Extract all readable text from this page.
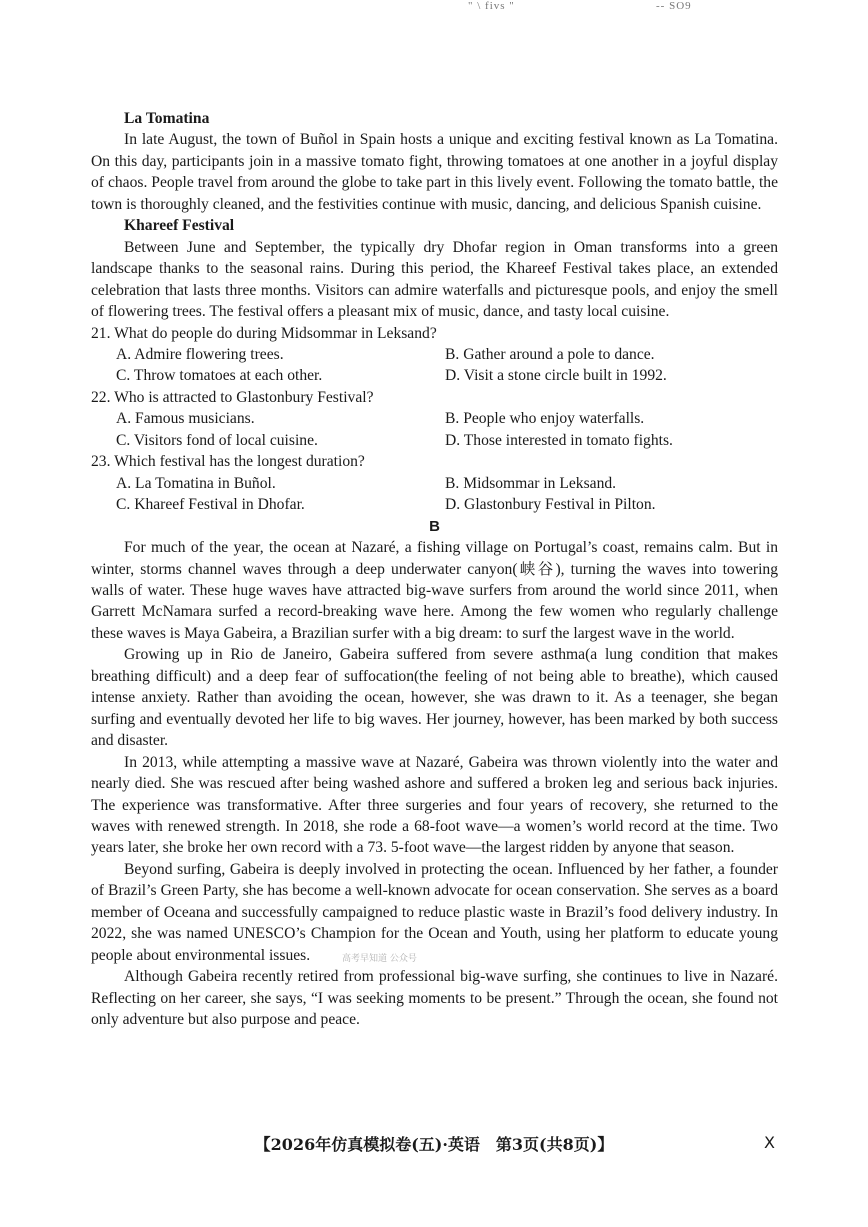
" \ fivs "	-- SO9
La Tomatina
In late August, the town of Buñol in Spain hosts a unique and exciting festival known as La Tomatina. On this day, participants join in a massive tomato fight, throwing tomatoes at one another in a joyful display of chaos. People travel from around the globe to take part in this lively event. Following the tomato battle, the town is thoroughly cleaned, and the festivities continue with music, dancing, and delicious Spanish cuisine.
Khareef Festival
Between June and September, the typically dry Dhofar region in Oman transforms into a green landscape thanks to the seasonal rains. During this period, the Khareef Festival takes place, an extended celebration that lasts three months. Visitors can admire waterfalls and picturesque pools, and enjoy the smell of flowering trees. The festival offers a pleasant mix of music, dance, and tasty local cuisine.
21. What do people do during Midsommar in Leksand?
A. Admire flowering trees.	B. Gather around a pole to dance.
C. Throw tomatoes at each other.	D. Visit a stone circle built in 1992.
22. Who is attracted to Glastonbury Festival?
A. Famous musicians.	B. People who enjoy waterfalls.
C. Visitors fond of local cuisine.	D. Those interested in tomato fights.
23. Which festival has the longest duration?
A. La Tomatina in Buñol.	B. Midsommar in Leksand.
C. Khareef Festival in Dhofar.	D. Glastonbury Festival in Pilton.
B
For much of the year, the ocean at Nazaré, a fishing village on Portugal’s coast, remains calm. But in winter, storms channel waves through a deep underwater canyon(峡谷), turning the waves into towering walls of water. These huge waves have attracted big-wave surfers from around the world since 2011, when Garrett McNamara surfed a record-breaking wave here. Among the few women who regularly challenge these waves is Maya Gabeira, a Brazilian surfer with a big dream: to surf the largest wave in the world.
Growing up in Rio de Janeiro, Gabeira suffered from severe asthma(a lung condition that makes breathing difficult) and a deep fear of suffocation(the feeling of not being able to breathe), which caused intense anxiety. Rather than avoiding the ocean, however, she was drawn to it. As a teenager, she began surfing and eventually devoted her life to big waves. Her journey, however, has been marked by both success and disaster.
In 2013, while attempting a massive wave at Nazaré, Gabeira was thrown violently into the water and nearly died. She was rescued after being washed ashore and suffered a broken leg and serious back injuries. The experience was transformative. After three surgeries and four years of recovery, she returned to the waves with renewed strength. In 2018, she rode a 68-foot wave—a women’s world record at the time. Two years later, she broke her own record with a 73. 5-foot wave—the largest ridden by anyone that season.
Beyond surfing, Gabeira is deeply involved in protecting the ocean. Influenced by her father, a founder of Brazil’s Green Party, she has become a well-known advocate for ocean conservation. She serves as a board member of Oceana and successfully campaigned to reduce plastic waste in Brazil’s food delivery industry. In 2022, she was named UNESCO’s Champion for the Ocean and Youth, using her platform to educate young people about environmental issues.
Although Gabeira recently retired from professional big-wave surfing, she continues to live in Nazaré. Reflecting on her career, she says, “I was seeking moments to be present.” Through the ocean, she found not only adventure but also purpose and peace.
高考早知道 公众号
【2026年仿真模拟卷(五)·英语　第3页(共8页)】	X
